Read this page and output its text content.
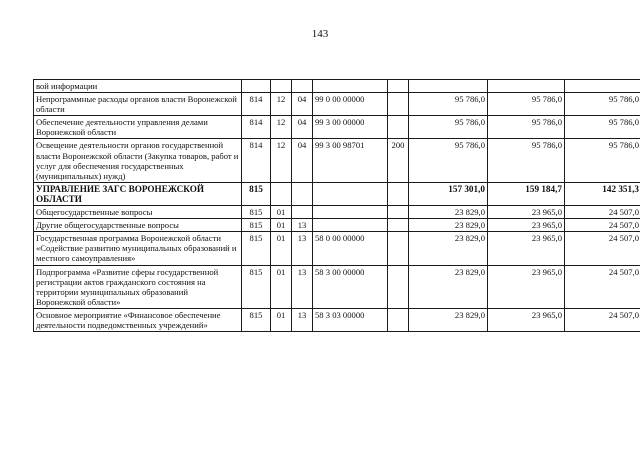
143
вой информации								
Непрограммные расходы органов власти Воронежской области	814	12	04	99 0 00 00000		95 786,0	95 786,0	95 786,0
Обеспечение деятельности управления делами Воронежской области	814	12	04	99 3 00 00000		95 786,0	95 786,0	95 786,0
Освещение деятельности органов государственной власти Воронежской области (Закупка товаров, работ и услуг для обеспечения государственных (муниципальных) нужд)	814	12	04	99 3 00 98701	200	95 786,0	95 786,0	95 786,0
УПРАВЛЕНИЕ ЗАГС ВОРОНЕЖСКОЙ ОБЛАСТИ	815					157 301,0	159 184,7	142 351,3
Общегосударственные вопросы	815	01				23 829,0	23 965,0	24 507,0
Другие общегосударственные вопросы	815	01	13			23 829,0	23 965,0	24 507,0
Государственная программа Воронежской области «Содействие развитию муниципальных образований и местного самоуправления»	815	01	13	58 0 00 00000		23 829,0	23 965,0	24 507,0
Подпрограмма «Развитие сферы государственной регистрации актов гражданского состояния на территории муниципальных образований Воронежской области»	815	01	13	58 3 00 00000		23 829,0	23 965,0	24 507,0
Основное мероприятие «Финансовое обеспечение деятельности подведомственных учреждений»	815	01	13	58 3 03 00000		23 829,0	23 965,0	24 507,0
